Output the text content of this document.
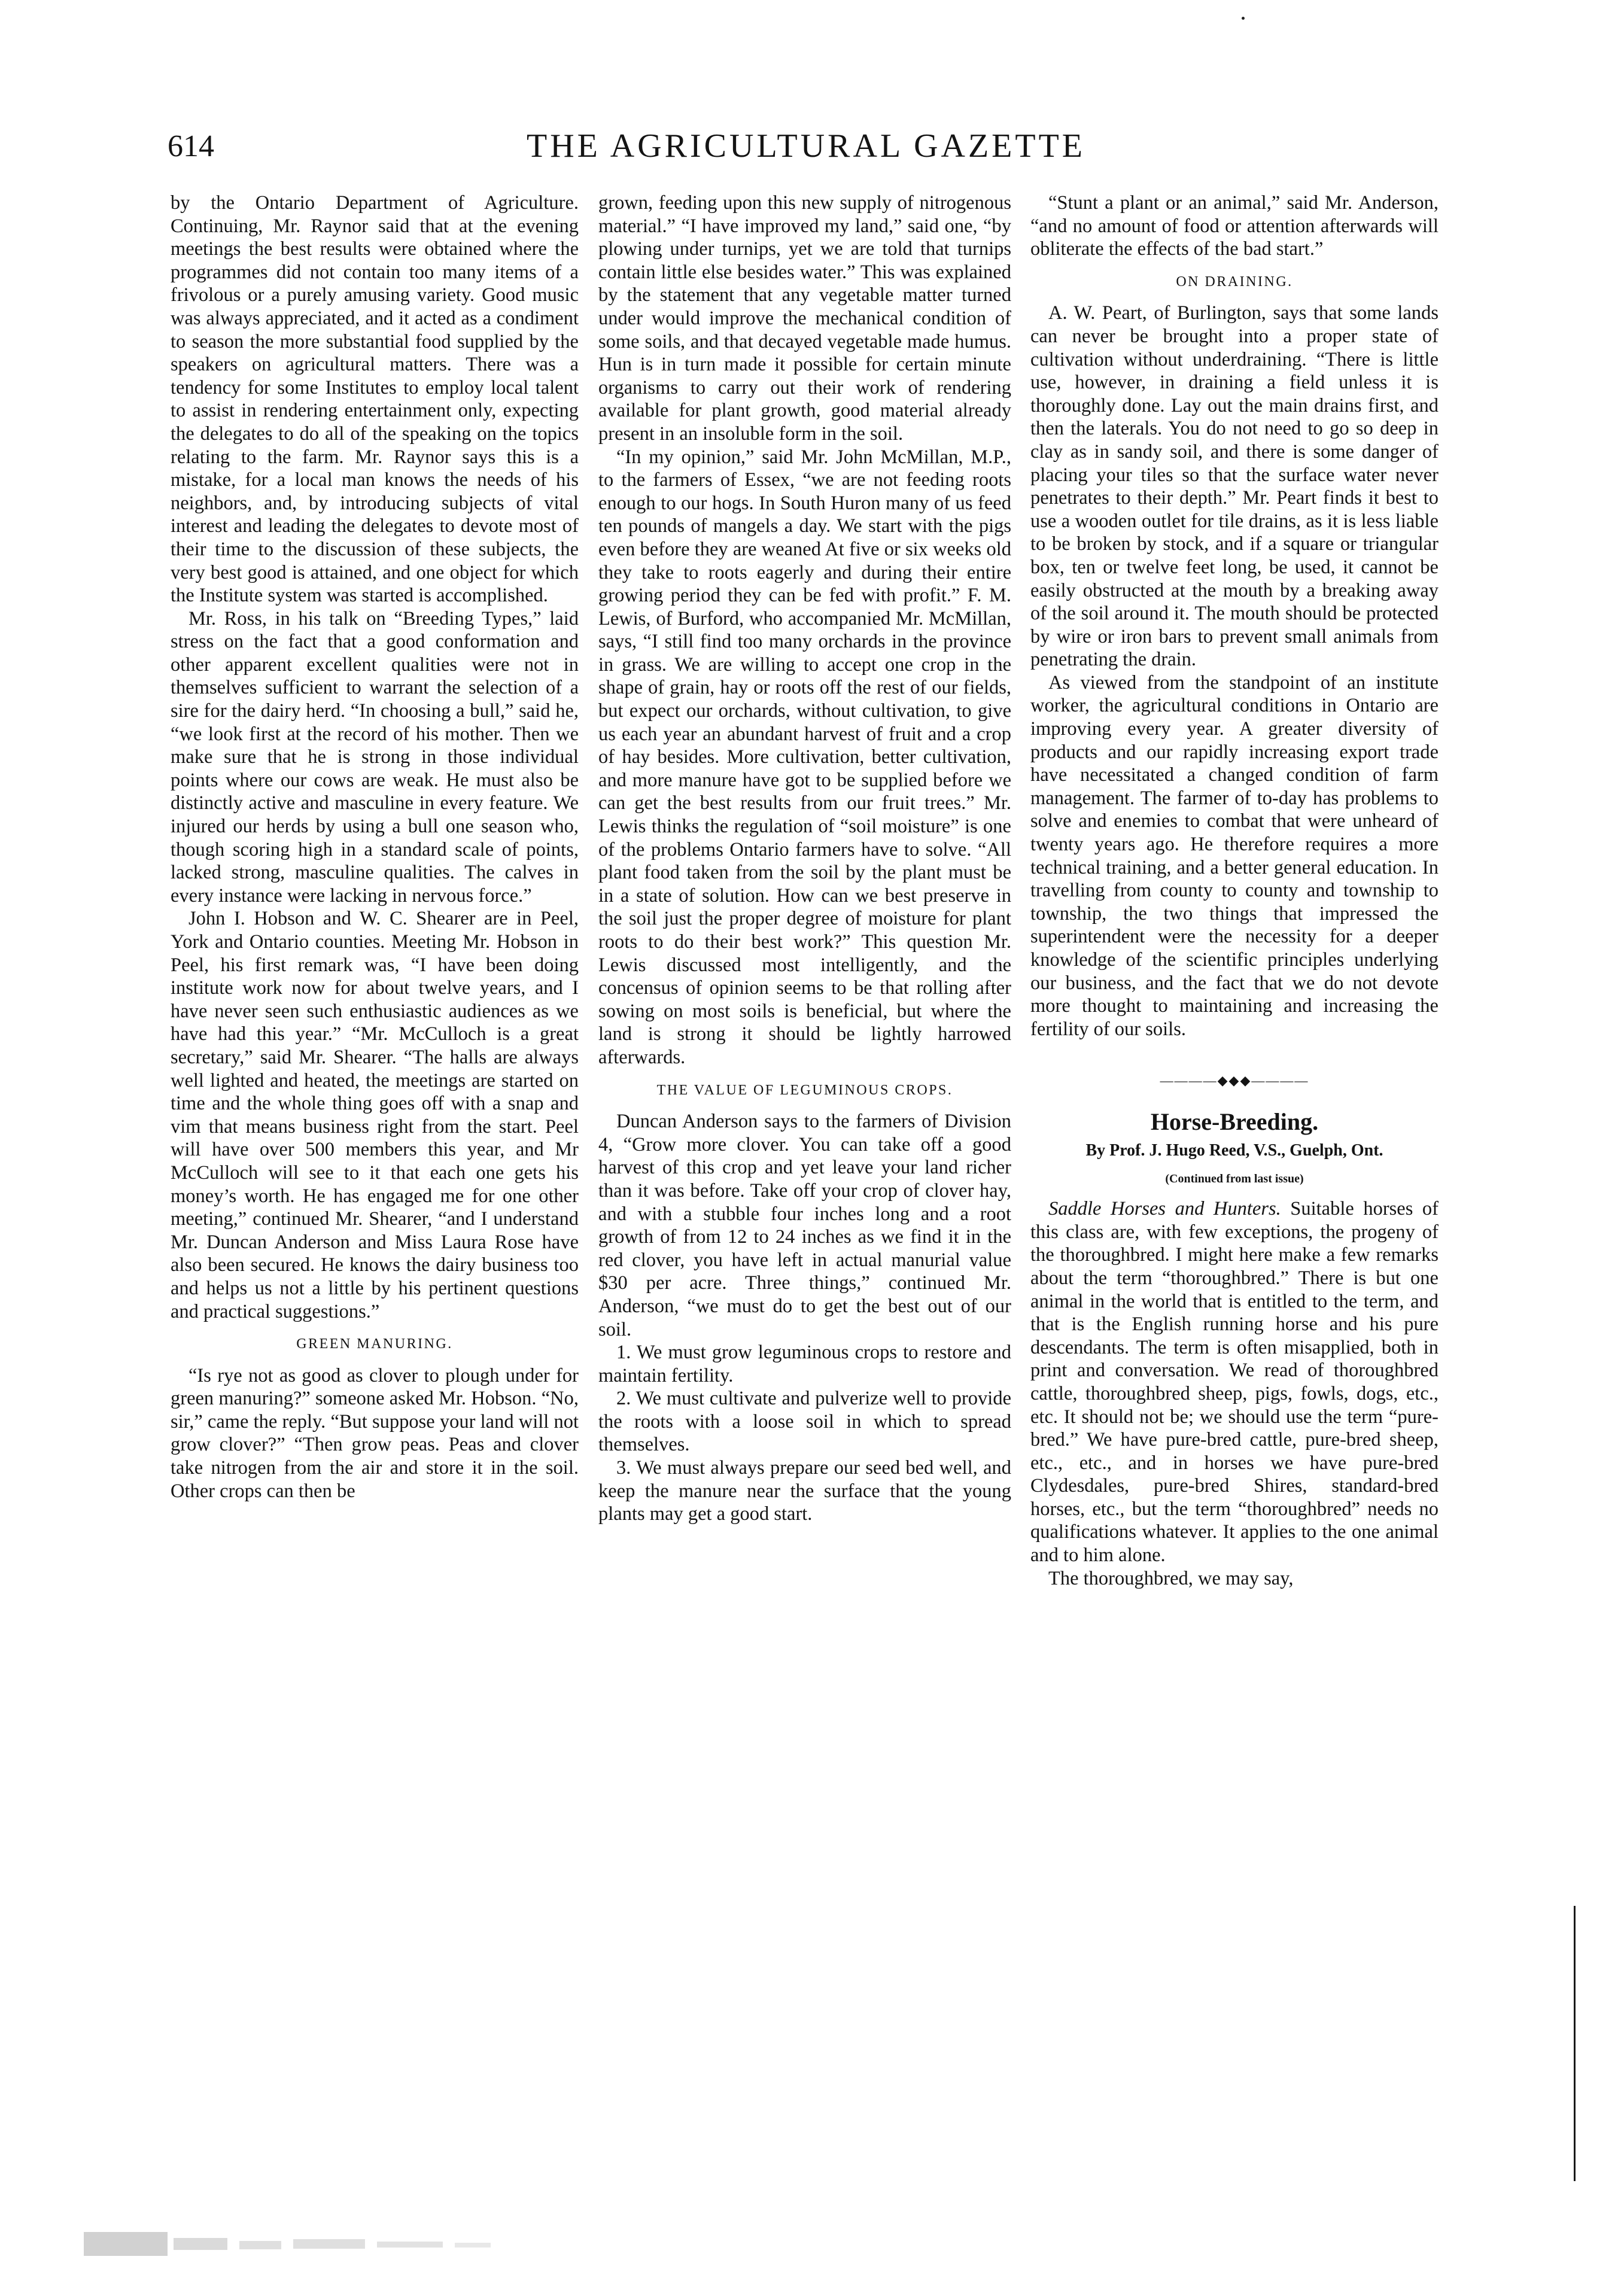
614	THE AGRICULTURAL GAZETTE

by the Ontario Department of Agriculture. Continuing, Mr. Raynor said that at the evening meetings the best results were obtained where the programmes did not contain too many items of a frivolous or a purely amusing variety. Good music was always appreciated, and it acted as a condiment to season the more substantial food supplied by the speakers on agricultural matters. There was a tendency for some Institutes to employ local talent to assist in rendering entertainment only, expecting the delegates to do all of the speaking on the topics relating to the farm. Mr. Raynor says this is a mistake, for a local man knows the needs of his neighbors, and, by introducing subjects of vital interest and leading the delegates to devote most of their time to the discussion of these subjects, the very best good is attained, and one object for which the Institute system was started is accomplished.

Mr. Ross, in his talk on “Breeding Types,” laid stress on the fact that a good conformation and other apparent excellent qualities were not in themselves sufficient to warrant the selection of a sire for the dairy herd. “In choosing a bull,” said he, “we look first at the record of his mother. Then we make sure that he is strong in those individual points where our cows are weak. He must also be distinctly active and masculine in every feature. We injured our herds by using a bull one season who, though scoring high in a standard scale of points, lacked strong, masculine qualities. The calves in every instance were lacking in nervous force.”

John I. Hobson and W. C. Shearer are in Peel, York and Ontario counties. Meeting Mr. Hobson in Peel, his first remark was, “I have been doing institute work now for about twelve years, and I have never seen such enthusiastic audiences as we have had this year.” “Mr. McCulloch is a great secretary,” said Mr. Shearer. “The halls are always well lighted and heated, the meetings are started on time and the whole thing goes off with a snap and vim that means business right from the start. Peel will have over 500 members this year, and Mr McCulloch will see to it that each one gets his money’s worth. He has engaged me for one other meeting,” continued Mr. Shearer, “and I understand Mr. Duncan Anderson and Miss Laura Rose have also been secured. He knows the dairy business too and helps us not a little by his pertinent questions and practical suggestions.”

GREEN MANURING.

“Is rye not as good as clover to plough under for green manuring?” someone asked Mr. Hobson. “No, sir,” came the reply. “But suppose your land will not grow clover?” “Then grow peas. Peas and clover take nitrogen from the air and store it in the soil. Other crops can then be

grown, feeding upon this new supply of nitrogenous material.” “I have improved my land,” said one, “by plowing under turnips, yet we are told that turnips contain little else besides water.” This was explained by the statement that any vegetable matter turned under would improve the mechanical condition of some soils, and that decayed vegetable made humus. Hun is in turn made it possible for certain minute organisms to carry out their work of rendering available for plant growth, good material already present in an insoluble form in the soil.

“In my opinion,” said Mr. John McMillan, M.P., to the farmers of Essex, “we are not feeding roots enough to our hogs. In South Huron many of us feed ten pounds of mangels a day. We start with the pigs even before they are weaned At five or six weeks old they take to roots eagerly and during their entire growing period they can be fed with profit.” F. M. Lewis, of Burford, who accompanied Mr. McMillan, says, “I still find too many orchards in the province in grass. We are willing to accept one crop in the shape of grain, hay or roots off the rest of our fields, but expect our orchards, without cultivation, to give us each year an abundant harvest of fruit and a crop of hay besides. More cultivation, better cultivation, and more manure have got to be supplied before we can get the best results from our fruit trees.” Mr. Lewis thinks the regulation of “soil moisture” is one of the problems Ontario farmers have to solve. “All plant food taken from the soil by the plant must be in a state of solution. How can we best preserve in the soil just the proper degree of moisture for plant roots to do their best work?” This question Mr. Lewis discussed most intelligently, and the concensus of opinion seems to be that rolling after sowing on most soils is beneficial, but where the land is strong it should be lightly harrowed afterwards.

THE VALUE OF LEGUMINOUS CROPS.

Duncan Anderson says to the farmers of Division 4, “Grow more clover. You can take off a good harvest of this crop and yet leave your land richer than it was before. Take off your crop of clover hay, and with a stubble four inches long and a root growth of from 12 to 24 inches as we find it in the red clover, you have left in actual manurial value $30 per acre. Three things,” continued Mr. Anderson, “we must do to get the best out of our soil.

1. We must grow leguminous crops to restore and maintain fertility.

2. We must cultivate and pulverize well to provide the roots with a loose soil in which to spread themselves.

3. We must always prepare our seed bed well, and keep the manure near the surface that the young plants may get a good start.

“Stunt a plant or an animal,” said Mr. Anderson, “and no amount of food or attention afterwards will obliterate the effects of the bad start.”

ON DRAINING.

A. W. Peart, of Burlington, says that some lands can never be brought into a proper state of cultivation without underdraining. “There is little use, however, in draining a field unless it is thoroughly done. Lay out the main drains first, and then the laterals. You do not need to go so deep in clay as in sandy soil, and there is some danger of placing your tiles so that the surface water never penetrates to their depth.” Mr. Peart finds it best to use a wooden outlet for tile drains, as it is less liable to be broken by stock, and if a square or triangular box, ten or twelve feet long, be used, it cannot be easily obstructed at the mouth by a breaking away of the soil around it. The mouth should be protected by wire or iron bars to prevent small animals from penetrating the drain.

As viewed from the standpoint of an institute worker, the agricultural conditions in Ontario are improving every year. A greater diversity of products and our rapidly increasing export trade have necessitated a changed condition of farm management. The farmer of to-day has problems to solve and enemies to combat that were unheard of twenty years ago. He therefore requires a more technical training, and a better general education. In travelling from county to county and township to township, the two things that impressed the superintendent were the necessity for a deeper knowledge of the scientific principles underlying our business, and the fact that we do not devote more thought to maintaining and increasing the fertility of our soils.

————◆◆◆————
Horse-Breeding.
By Prof. J. Hugo Reed, V.S., Guelph, Ont.
(Continued from last issue)

Saddle Horses and Hunters. Suitable horses of this class are, with few exceptions, the progeny of the thoroughbred. I might here make a few remarks about the term “thoroughbred.” There is but one animal in the world that is entitled to the term, and that is the English running horse and his pure descendants. The term is often misapplied, both in print and conversation. We read of thoroughbred cattle, thoroughbred sheep, pigs, fowls, dogs, etc., etc. It should not be; we should use the term “pure-bred.” We have pure-bred cattle, pure-bred sheep, etc., etc., and in horses we have pure-bred Clydesdales, pure-bred Shires, standard-bred horses, etc., but the term “thoroughbred” needs no qualifications whatever. It applies to the one animal and to him alone.

The thoroughbred, we may say,
